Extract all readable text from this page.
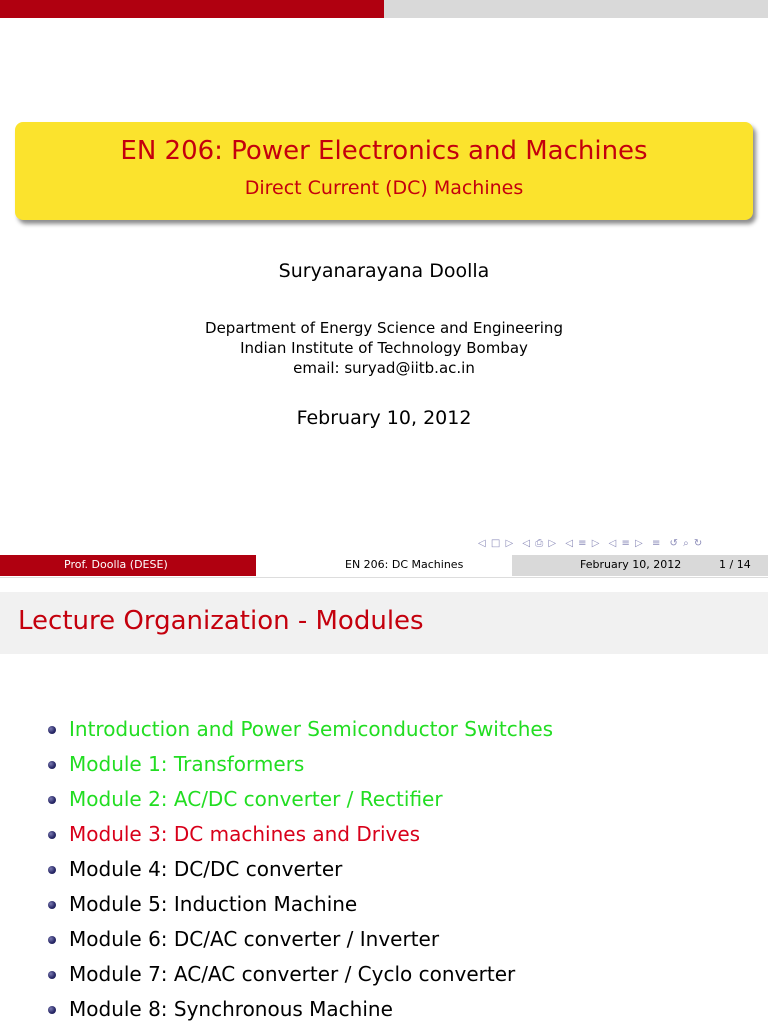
EN 206: Power Electronics and Machines
Direct Current (DC) Machines
Suryanarayana Doolla
Department of Energy Science and Engineering
Indian Institute of Technology Bombay
email: suryad@iitb.ac.in
February 10, 2012
◁ □ ▷ ◁ ⎙ ▷ ◁ ≡ ▷ ◁ ≡ ▷ ≡ ↺ ⌕ ↻
Prof. Doolla (DESE)	EN 206: DC Machines	February 10, 2012	1 / 14
Lecture Organization - Modules
Introduction and Power Semiconductor Switches
Module 1: Transformers
Module 2: AC/DC converter / Rectifier
Module 3: DC machines and Drives
Module 4: DC/DC converter
Module 5: Induction Machine
Module 6: DC/AC converter / Inverter
Module 7: AC/AC converter / Cyclo converter
Module 8: Synchronous Machine
